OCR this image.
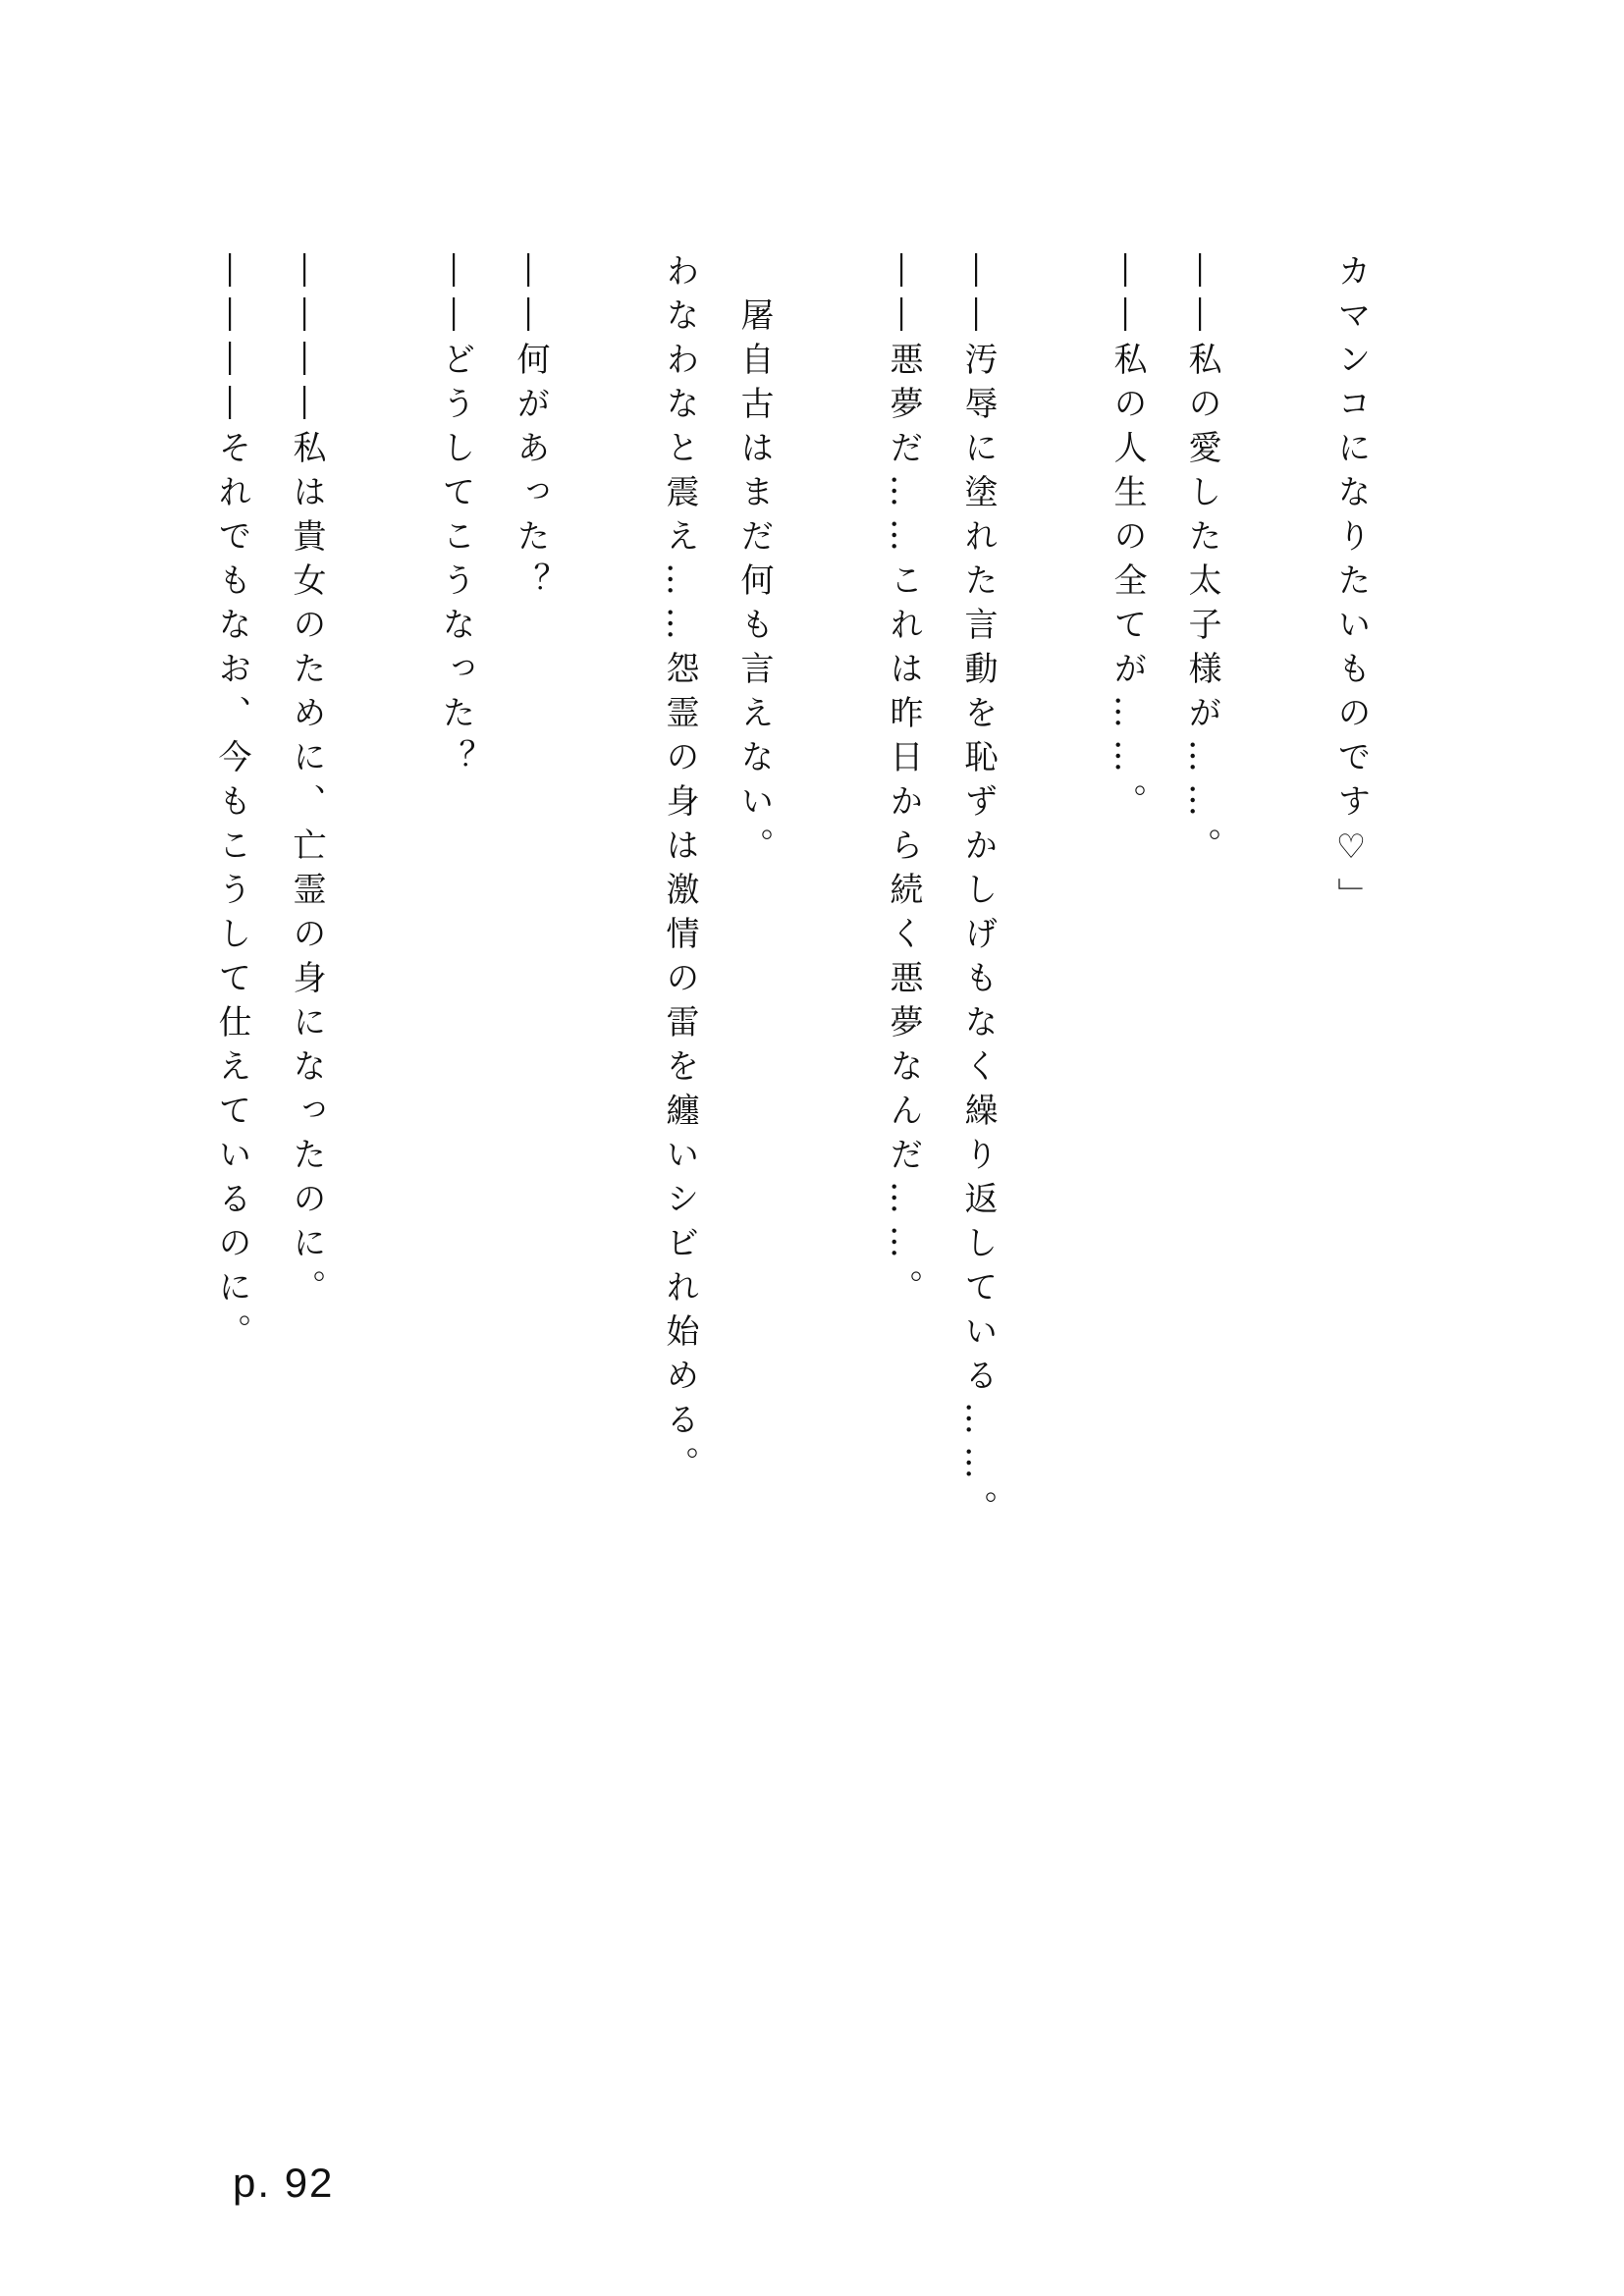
カマンコになりたいものです♡」
――私の愛した太子様が……。
――私の人生の全てが……。
――汚辱に塗れた言動を恥ずかしげもなく繰り返している……。
――悪夢だ……これは昨日から続く悪夢なんだ……。
屠自古はまだ何も言えない。
わなわなと震え……怨霊の身は激情の雷を纏いシビれ始める。
――何があった？
――どうしてこうなった？
――――私は貴女のために、亡霊の身になったのに。
――――それでもなお、今もこうして仕えているのに。
p. 92
